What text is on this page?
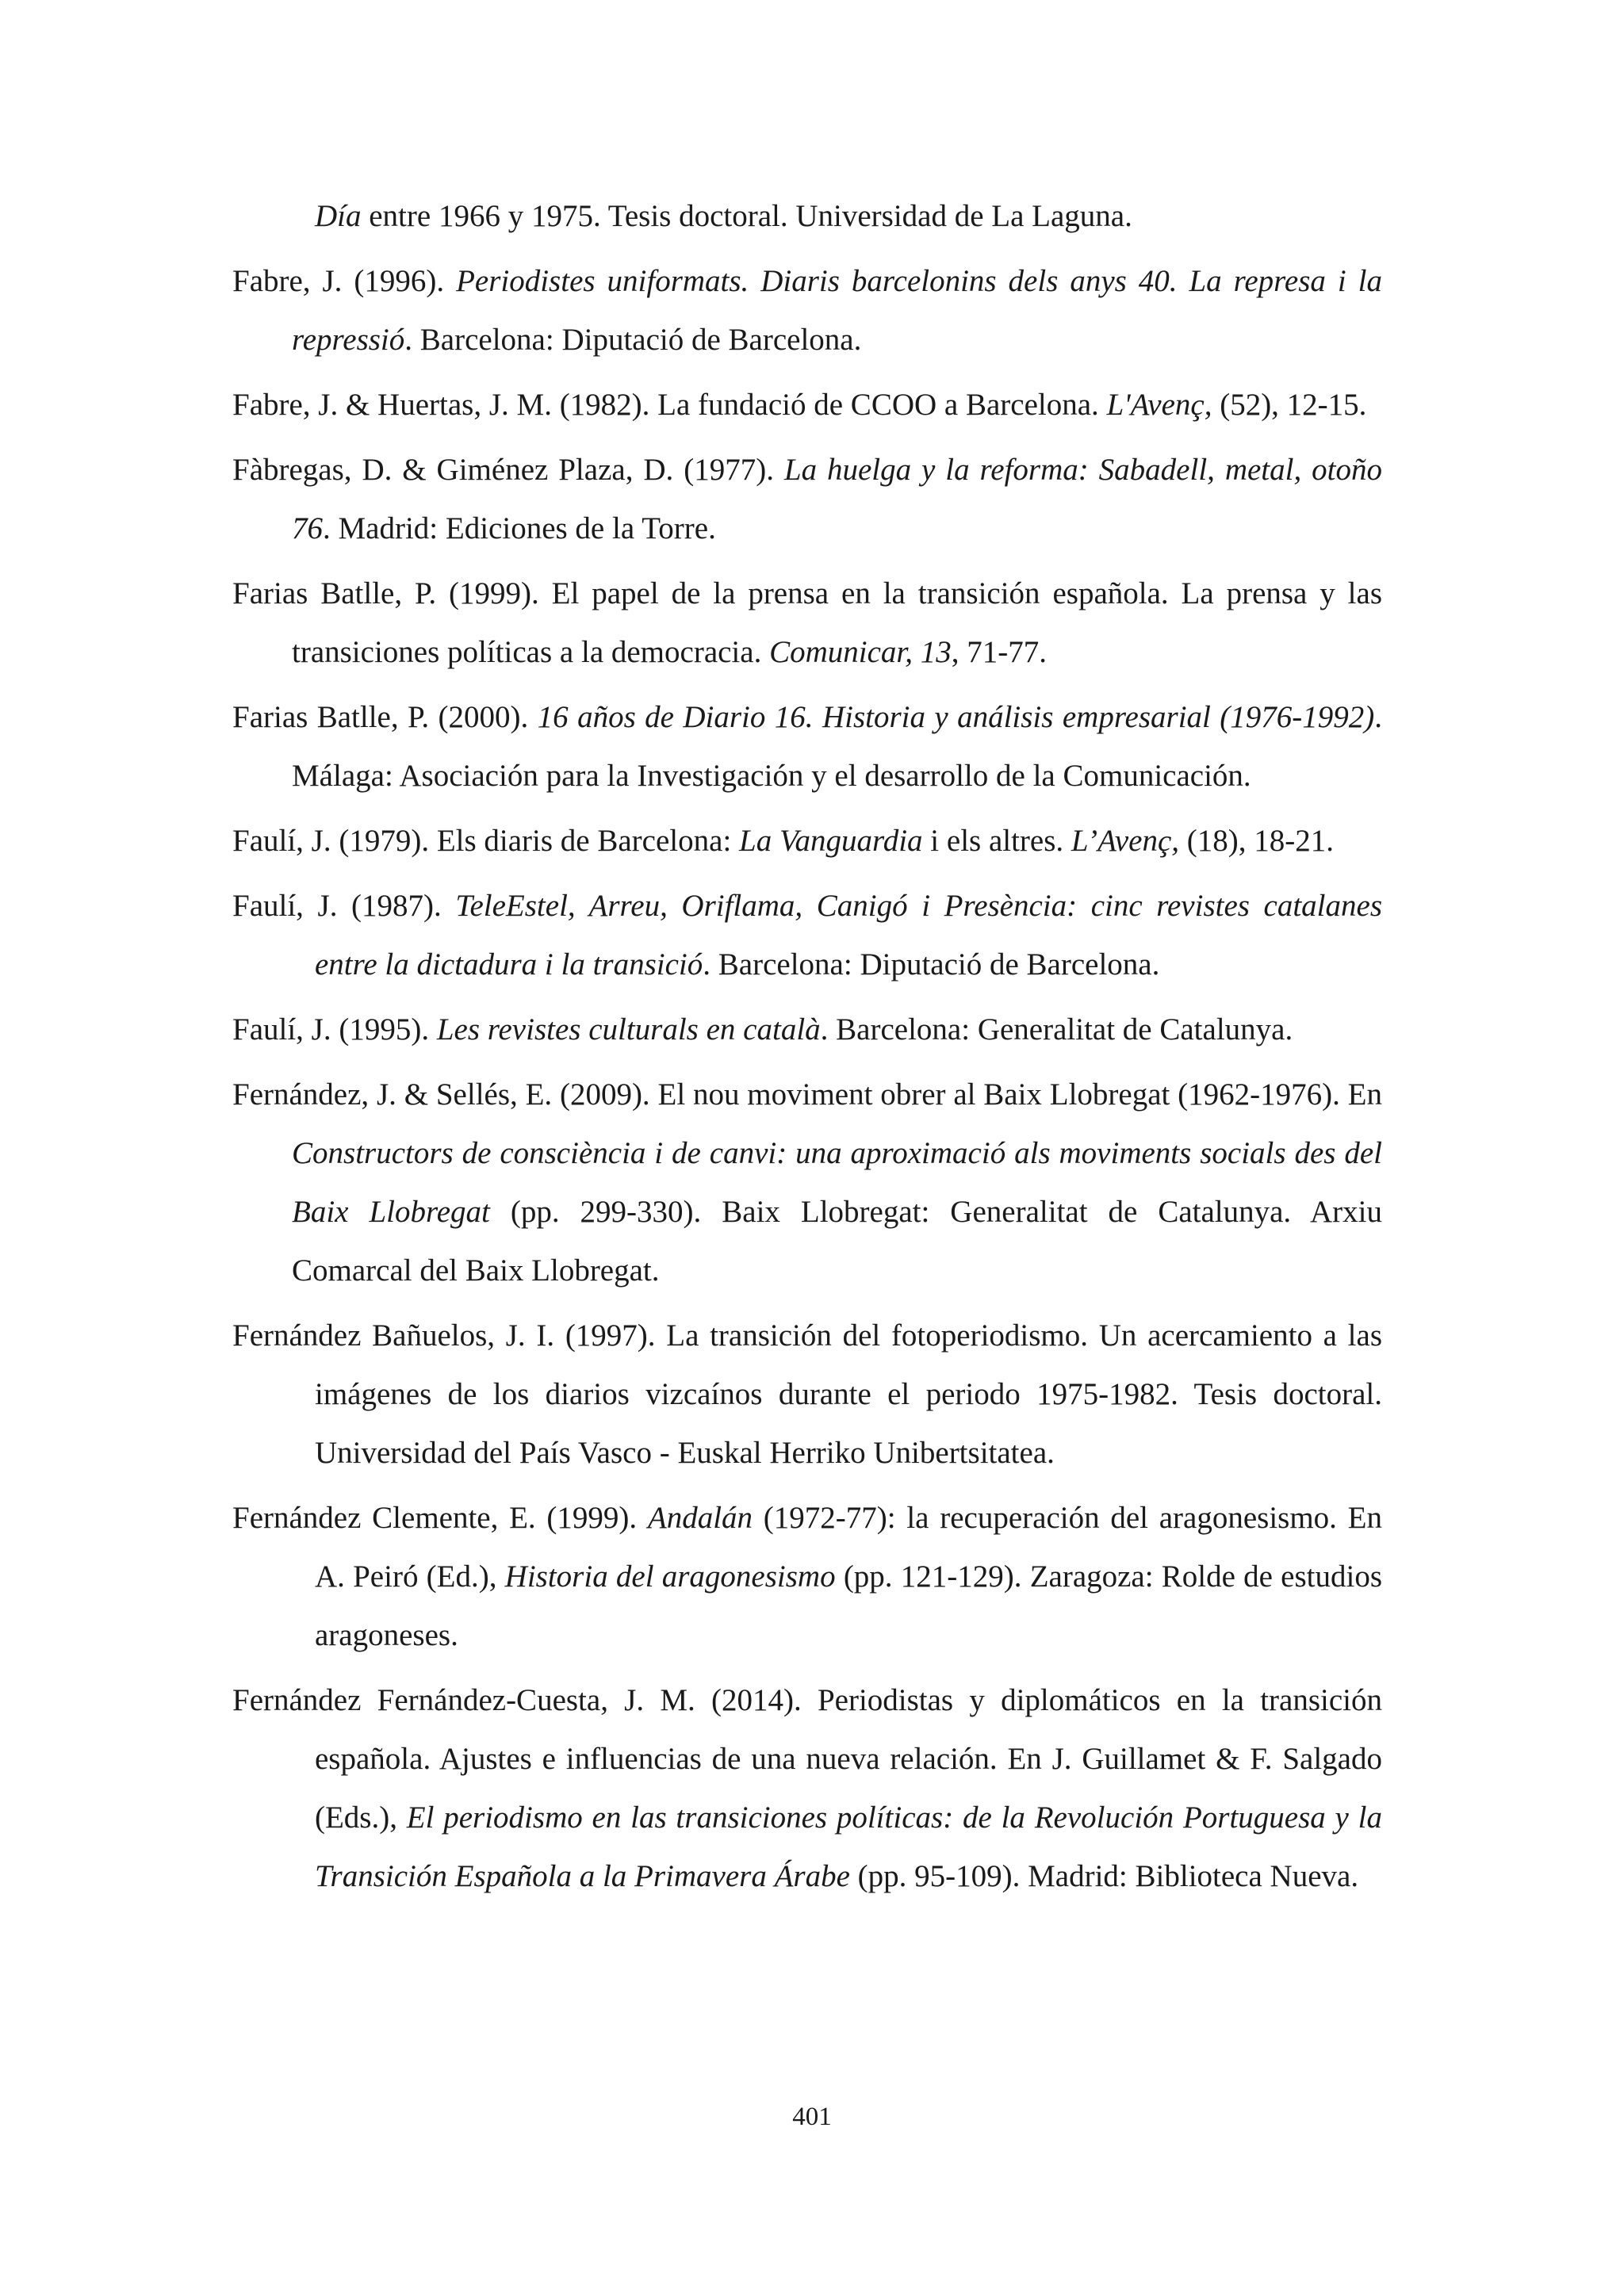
Día entre 1966 y 1975. Tesis doctoral. Universidad de La Laguna.
Fabre, J. (1996). Periodistes uniformats. Diaris barcelonins dels anys 40. La represa i la repressió. Barcelona: Diputació de Barcelona.
Fabre, J. & Huertas, J. M. (1982). La fundació de CCOO a Barcelona. L'Avenç, (52), 12-15.
Fàbregas, D. & Giménez Plaza, D. (1977). La huelga y la reforma: Sabadell, metal, otoño 76. Madrid: Ediciones de la Torre.
Farias Batlle, P. (1999). El papel de la prensa en la transición española. La prensa y las transiciones políticas a la democracia. Comunicar, 13, 71-77.
Farias Batlle, P. (2000). 16 años de Diario 16. Historia y análisis empresarial (1976-1992). Málaga: Asociación para la Investigación y el desarrollo de la Comunicación.
Faulí, J. (1979). Els diaris de Barcelona: La Vanguardia i els altres. L’Avenç, (18), 18-21.
Faulí, J. (1987). TeleEstel, Arreu, Oriflama, Canigó i Presència: cinc revistes catalanes entre la dictadura i la transició. Barcelona: Diputació de Barcelona.
Faulí, J. (1995). Les revistes culturals en català. Barcelona: Generalitat de Catalunya.
Fernández, J. & Sellés, E. (2009). El nou moviment obrer al Baix Llobregat (1962-1976). En Constructors de consciència i de canvi: una aproximació als moviments socials des del Baix Llobregat (pp. 299-330). Baix Llobregat: Generalitat de Catalunya. Arxiu Comarcal del Baix Llobregat.
Fernández Bañuelos, J. I. (1997). La transición del fotoperiodismo. Un acercamiento a las imágenes de los diarios vizcaínos durante el periodo 1975-1982. Tesis doctoral. Universidad del País Vasco - Euskal Herriko Unibertsitatea.
Fernández Clemente, E. (1999). Andalán (1972-77): la recuperación del aragonesismo. En A. Peiró (Ed.), Historia del aragonesismo (pp. 121-129). Zaragoza: Rolde de estudios aragoneses.
Fernández Fernández-Cuesta, J. M. (2014). Periodistas y diplomáticos en la transición española. Ajustes e influencias de una nueva relación. En J. Guillamet & F. Salgado (Eds.), El periodismo en las transiciones políticas: de la Revolución Portuguesa y la Transición Española a la Primavera Árabe (pp. 95-109). Madrid: Biblioteca Nueva.
401
